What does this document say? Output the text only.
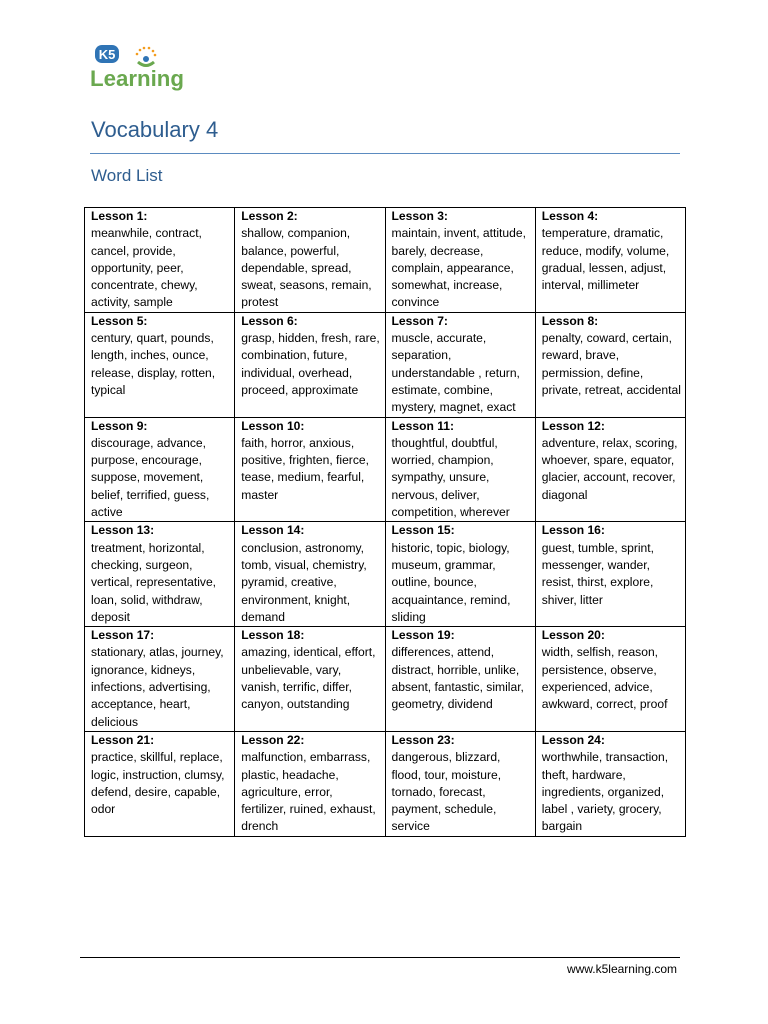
K5
Learning
Vocabulary 4
Word List
Lesson 1:
meanwhile, contract, cancel, provide, opportunity, peer, concentrate, chewy, activity, sample	Lesson 2:
shallow, companion, balance, powerful, dependable, spread, sweat, seasons, remain, protest	Lesson 3:
maintain, invent, attitude, barely, decrease, complain, appearance, somewhat, increase, convince	Lesson 4:
temperature, dramatic, reduce, modify, volume, gradual, lessen, adjust, interval, millimeter

Lesson 5:
century, quart, pounds, length, inches, ounce, release, display, rotten, typical	Lesson 6:
grasp, hidden, fresh, rare, combination, future, individual, overhead, proceed, approximate	Lesson 7:
muscle, accurate, separation, understandable , return, estimate, combine, mystery, magnet, exact	Lesson 8:
penalty, coward, certain, reward, brave, permission, define, private, retreat, accidental

Lesson 9:
discourage, advance, purpose, encourage, suppose, movement, belief, terrified, guess, active	Lesson 10:
faith, horror, anxious, positive, frighten, fierce, tease, medium, fearful, master	Lesson 11:
thoughtful, doubtful, worried, champion, sympathy, unsure, nervous, deliver, competition, wherever	Lesson 12:
adventure, relax, scoring, whoever, spare, equator, glacier, account, recover, diagonal

Lesson 13:
treatment, horizontal, checking, surgeon, vertical, representative, loan, solid, withdraw, deposit	Lesson 14:
conclusion, astronomy, tomb, visual, chemistry, pyramid, creative, environment, knight, demand	Lesson 15:
historic, topic, biology, museum, grammar, outline, bounce, acquaintance, remind, sliding	Lesson 16:
guest, tumble, sprint, messenger, wander, resist, thirst, explore, shiver, litter

Lesson 17:
stationary, atlas, journey, ignorance, kidneys, infections, advertising, acceptance, heart, delicious	Lesson 18:
amazing, identical, effort, unbelievable, vary, vanish, terrific, differ, canyon, outstanding	Lesson 19:
differences, attend, distract, horrible, unlike, absent, fantastic, similar, geometry, dividend	Lesson 20:
width, selfish, reason, persistence, observe, experienced, advice, awkward, correct, proof

Lesson 21:
practice, skillful, replace, logic, instruction, clumsy, defend, desire, capable, odor	Lesson 22:
malfunction, embarrass, plastic, headache, agriculture, error, fertilizer, ruined, exhaust, drench	Lesson 23:
dangerous, blizzard, flood, tour, moisture, tornado, forecast, payment, schedule, service	Lesson 24:
worthwhile, transaction, theft, hardware, ingredients, organized, label , variety, grocery, bargain
www.k5learning.com
